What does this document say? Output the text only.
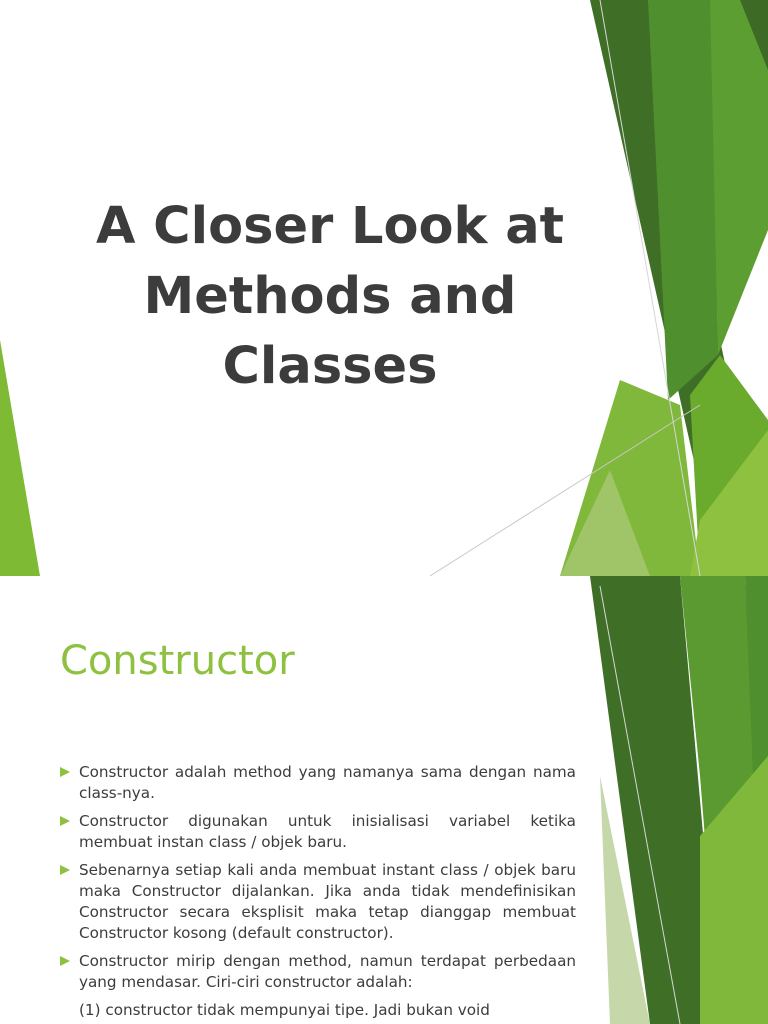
A Closer Look at
Methods and
Classes
Constructor
Constructor adalah method yang namanya sama dengan nama class-nya.
Constructor digunakan untuk inisialisasi variabel ketika membuat instan class / objek baru.
Sebenarnya setiap kali anda membuat instant class / objek baru maka Constructor dijalankan. Jika anda tidak mendefinisikan Constructor secara eksplisit maka tetap dianggap membuat Constructor kosong (default constructor).
Constructor mirip dengan method, namun terdapat perbedaan yang mendasar. Ciri-ciri constructor adalah:
(1) constructor tidak mempunyai tipe. Jadi bukan void
